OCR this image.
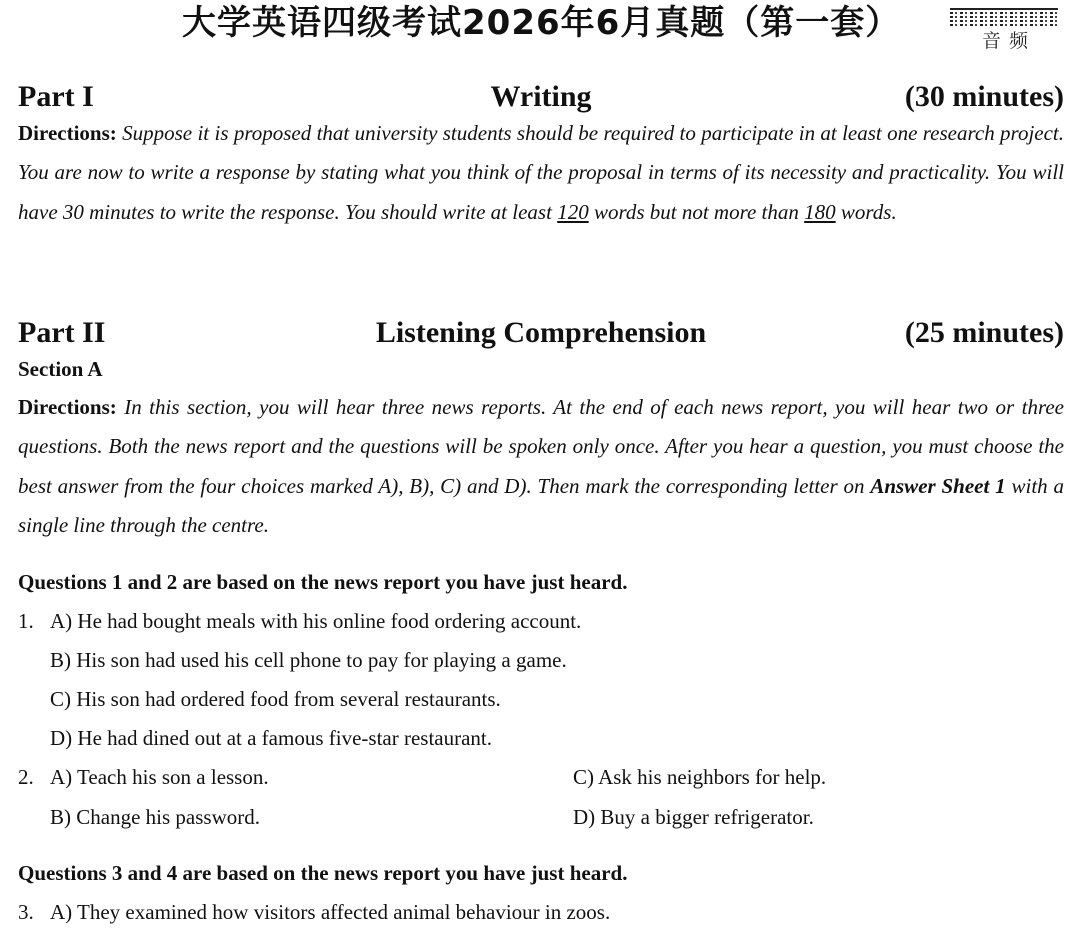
大学英语四级考试2026年6月真题（第一套）	音频
Part I	Writing	(30 minutes)
Directions: Suppose it is proposed that university students should be required to participate in at least one research project. You are now to write a response by stating what you think of the proposal in terms of its necessity and practicality. You will have 30 minutes to write the response. You should write at least 120 words but not more than 180 words.
Part II	Listening Comprehension	(25 minutes)
Section A
Directions: In this section, you will hear three news reports. At the end of each news report, you will hear two or three questions. Both the news report and the questions will be spoken only once. After you hear a question, you must choose the best answer from the four choices marked A), B), C) and D). Then mark the corresponding letter on Answer Sheet 1 with a single line through the centre.
Questions 1 and 2 are based on the news report you have just heard.
1. A) He had bought meals with his online food ordering account.
B) His son had used his cell phone to pay for playing a game.
C) His son had ordered food from several restaurants.
D) He had dined out at a famous five-star restaurant.
2. A) Teach his son a lesson.
B) Change his password.
C) Ask his neighbors for help.
D) Buy a bigger refrigerator.
Questions 3 and 4 are based on the news report you have just heard.
3. A) They examined how visitors affected animal behaviour in zoos.
